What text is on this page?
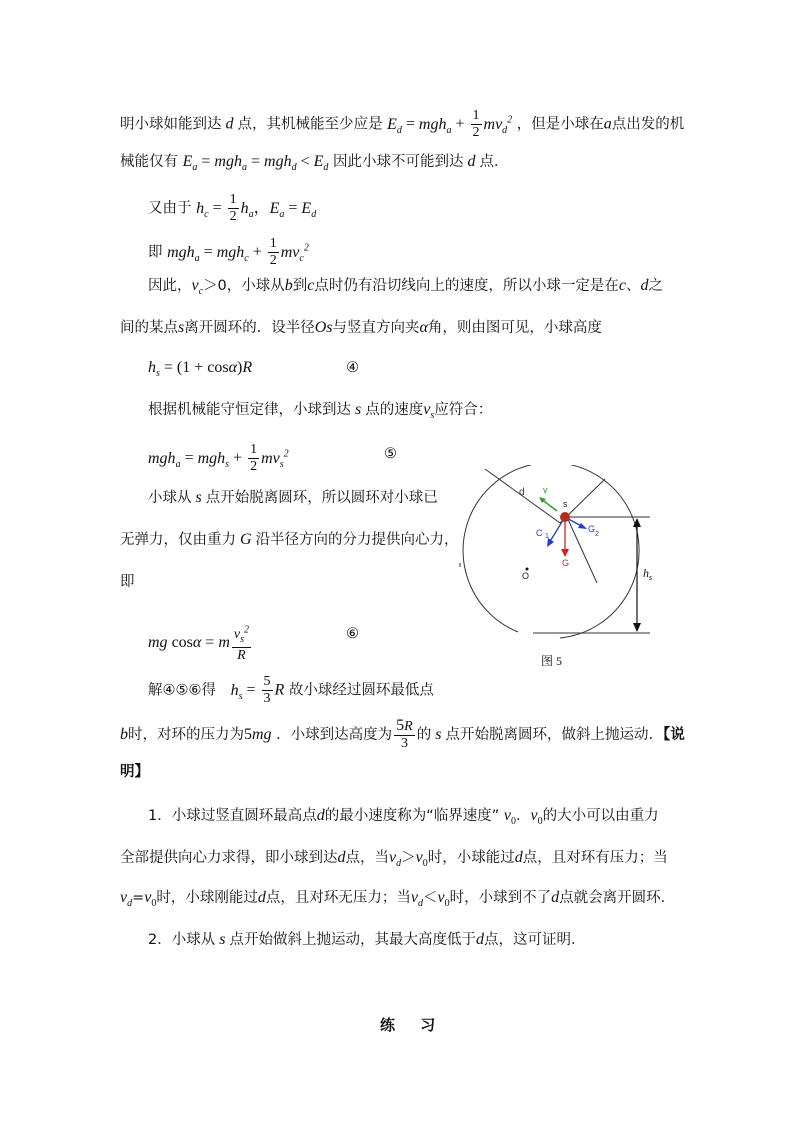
明小球如能到达 d 点，其机械能至少应是 $E_d = mgh_a + \frac{1}{2} mv_d^2$ ，但是小球在a点出发的机
械能仅有 $E_a = mgh_a = mgh_d < E_d$ 因此小球不可能到达 d 点．
又由于 $h_c = \frac{1}{2} h_a$，$E_a = E_d$
即 $mgh_a = mgh_c + \frac{1}{2} mv_c^2$
因此，$v_c>0$，小球从b到c点时仍有沿切线向上的速度，所以小球一定是在c、d之
间的某点s离开圆环的．设半径Os与竖直方向夹α角，则由图可见，小球高度
$h_s = (1 + \cos\alpha)R$	④
根据机械能守恒定律，小球到达 s 点的速度$v_s$应符合：
$mgh_a = mgh_s + \frac{1}{2} mv_s^2$	⑤
小球从 s 点开始脱离圆环，所以圆环对小球已
无弹力，仅由重力 G 沿半径方向的分力提供向心力，
即
mg cosα = m $\frac{v_s^2}{R}$	⑥
解④⑤⑥得 $h_s = \frac{5}{3}$ R 故小球经过圆环最低点
b时，对环的压力为5mg ．小球到达高度为 $\frac{5R}{3}$ 的 s 点开始脱离圆环，做斜上抛运动．【说
明】
1．小球过竖直圆环最高点d的最小速度称为“临界速度” $v_0$．$v_0$的大小可以由重力
全部提供向心力求得，即小球到达d点，当$v_d>v_0$时，小球能过d点，且对环有压力；当
$v_d=v_0$时，小球刚能过d点，且对环无压力；当$v_d<v_0$时，小球到不了d点就会离开圆环．
2．小球从 s 点开始做斜上抛运动，其最大高度低于d点，这可证明．
练 习
d v
s
C 1
G
2
G
O	$h_s$
图 5
